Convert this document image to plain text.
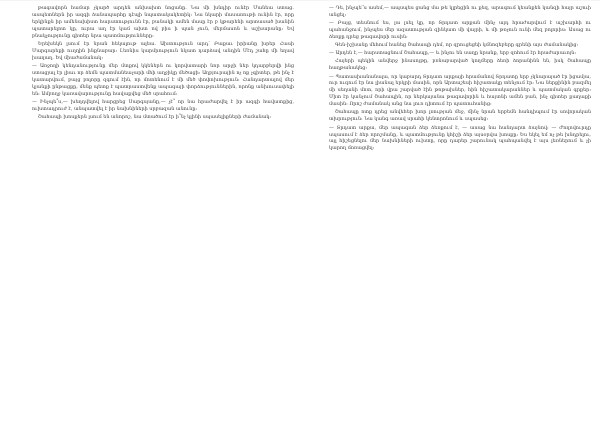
թագավորն համար չկարծ արդեն անխախտ նոցանը. Նա մի խնդիր ունէր Մանեա ստաց. ասպետներն իր ազգի ձանապարհը դէպի նպատակակետիկ։ Նա նկարի մասառութի ունին էր, որը երկինքն իր ամենախիստ հարստությունն էր, բանակի ամեն մասը էր բ կթարենի արտասած խանին պատարելոտ կը, ուրա աղ էր կամ ախտ ով բիս ի պան չուն, մերմասոն և աշխարանը։ Եվ բնակչությունը գիտեր նրա պատմությունները։

Երեխեկն լսում էր նրան հեկալութ ալեա. Ախտություն արդ՝ Բաքաւ իրիանը խրեր Հասի Մարգարեքի ուղղին ինքնաբար։ Լեռնիս կարմրություն նկատ դարձավ անդին Մէդ շահը մի եղավ խաղաղ. Եվ միաժամանակ։

— Առջողի կենդանությունը մեր մտքով կկեներն ու կորվատարի նոր արջի ներ կդարբերվի ինց ստացյալ էր լիաւ որ ձեմն պատմանեաչարի մհի աղջիկը մեծացի։ Աղբյուրային ոչ ոք չգիտեր, թե ինչ է կատարվում, բայց բոլորը զգում էին, որ մոտենում է մի մեծ փոփոխություն։ Հանդարտալով մեր կյանքի ընթացքը, մենք պետք է պատրաստվենք ապագայի փորձություններին, որոնք անխուսափելի են։ Ամբողջ կառավարությունը հավաքվեց մեծ սրահում։

— Ինչպե՞ս,— խեղդվելով հարցրեց Սարգսյանը,— չէ՞ որ նա հրաժարվել է իր ազգի հավատքից, ուխտադրուժ է, անպատվել է իր նախնիների սրբազան անունը։

Շահապի խոսքերն լսում են անորոշ, նա մտածում էր ի՞նչ կլինի սպասելիքների ժամանակ։

— Դե, ինչպե՞ս ասեմ,— ապսպես ցանց մա թե կլրեցին ու քեզ, արագում կեանքեն կանզի հայր աշուի անցել։

— Բայց, տեսնում ես, լա լսել կը, որ Տրդատ արքան մինչ այդ հրաժարվում է աշխարհի ու պահանջում, ինչպես մեր ազատության զինկատ մի վայրի, և մի թռչուն ունի մեզ բոլորիս։ Ասաց ու ձեռքը դրեց թագավորի ուսին։

Գեն-իշխանը մեհում հանեց Շահապի դեմ, որ զրուցեցեի կմնոզեբերը գրենի այս ժամանակից։

— Արդեն է,— հարստացնում Շահապը,— և ինչու են սաղը նրանք, երբ զոհում էր հրաժարաւոյն։

Հայերի պեկին անվերջ ինասոյթը, բռնաբարված կողմերը ձեռի ձորանինն են, իսկ Շահապը հաղթանակեց։

— Պատասխանանալա, որ կաբարդ Տրդատ արքայի հրամանով Տրդատը երբ չկնարայած էր իցամյա, ուր ուզում էր նա լիանալ երկրի մասին, որն Արտաշեսի հիշատակը տենչում էր։ Նա ներքինին բազմել մի սեղանի մոտ, որի վրա շարված էին թոթախներ, հին հիշատակարաններ և պատմական գրքեր։ Միտ էր կանչում Շահապին, որ ներկայանա թագավորին և հայտնի ամեն բան, ինչ գիտեր քաղաքի մասին։ Որոշ ժամանակ անց նա լուռ դիտում էր պատուհանից։

Շահապը ոտք դրեց անվեհեր խոր լռության մեջ, մինչ նրան երբեմն հանդիպում էր սովորական տխրություն։ Նա կանգ առավ սրահի կենտրոնում և սպասեց։

— Տրդատ արքա, մեր ապագան ձեր ձեռքում է, — ասաց նա հանդարտ ձայնով։ — Ժողովուրդը սպասում է ձեր որոշմանը, և պատմությունը կհիշի ձեր այսօրվա խոսքը։ Ես եկել եմ ոչ թե խնդրելու, այլ հիշեցնելու մեր նախնիների ուխտը, որը դարեր շարունակ պահպանվել է այս լեռներում և չի կարող մոռացվել։
